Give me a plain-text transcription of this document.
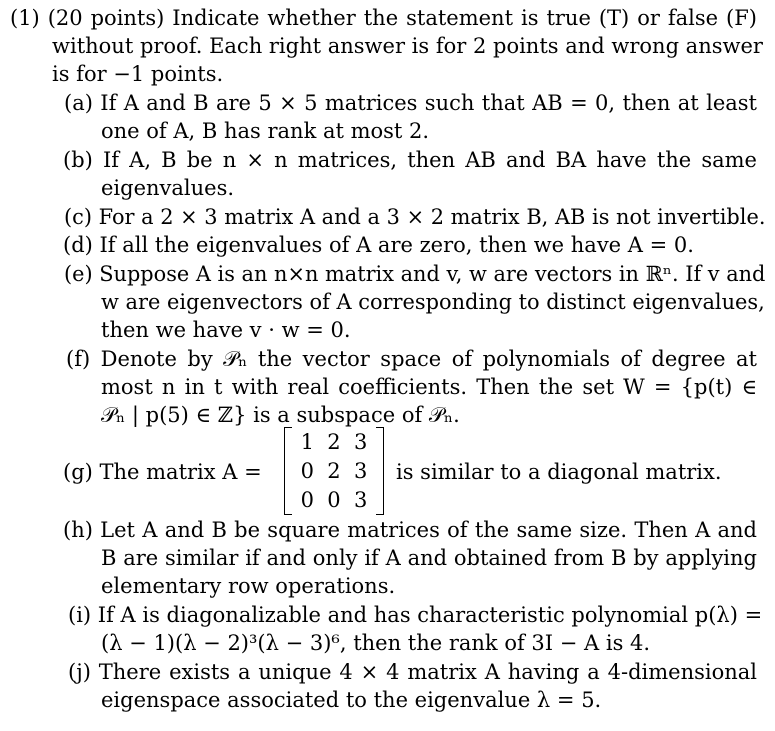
(1) (20 points) Indicate whether the statement is true (T) or false (F)
without proof. Each right answer is for 2 points and wrong answer
is for −1 points.
(a) If A and B are 5 × 5 matrices such that AB = 0, then at least
one of A, B has rank at most 2.
(b) If A, B be n × n matrices, then AB and BA have the same
eigenvalues.
(c) For a 2 × 3 matrix A and a 3 × 2 matrix B, AB is not invertible.
(d) If all the eigenvalues of A are zero, then we have A = 0.
(e) Suppose A is an n×n matrix and v, w are vectors in ℝⁿ. If v and
w are eigenvectors of A corresponding to distinct eigenvalues,
then we have v · w = 0.
(f) Denote by 𝒫ₙ the vector space of polynomials of degree at
most n in t with real coefficients. Then the set W = {p(t) ∈
𝒫ₙ | p(5) ∈ ℤ} is a subspace of 𝒫ₙ.
(g) The matrix A =
1 2 3
0 2 3
0 0 3
is similar to a diagonal matrix.
(h) Let A and B be square matrices of the same size. Then A and
B are similar if and only if A and obtained from B by applying
elementary row operations.
(i) If A is diagonalizable and has characteristic polynomial p(λ) =
(λ − 1)(λ − 2)³(λ − 3)⁶, then the rank of 3I − A is 4.
(j) There exists a unique 4 × 4 matrix A having a 4-dimensional
eigenspace associated to the eigenvalue λ = 5.
